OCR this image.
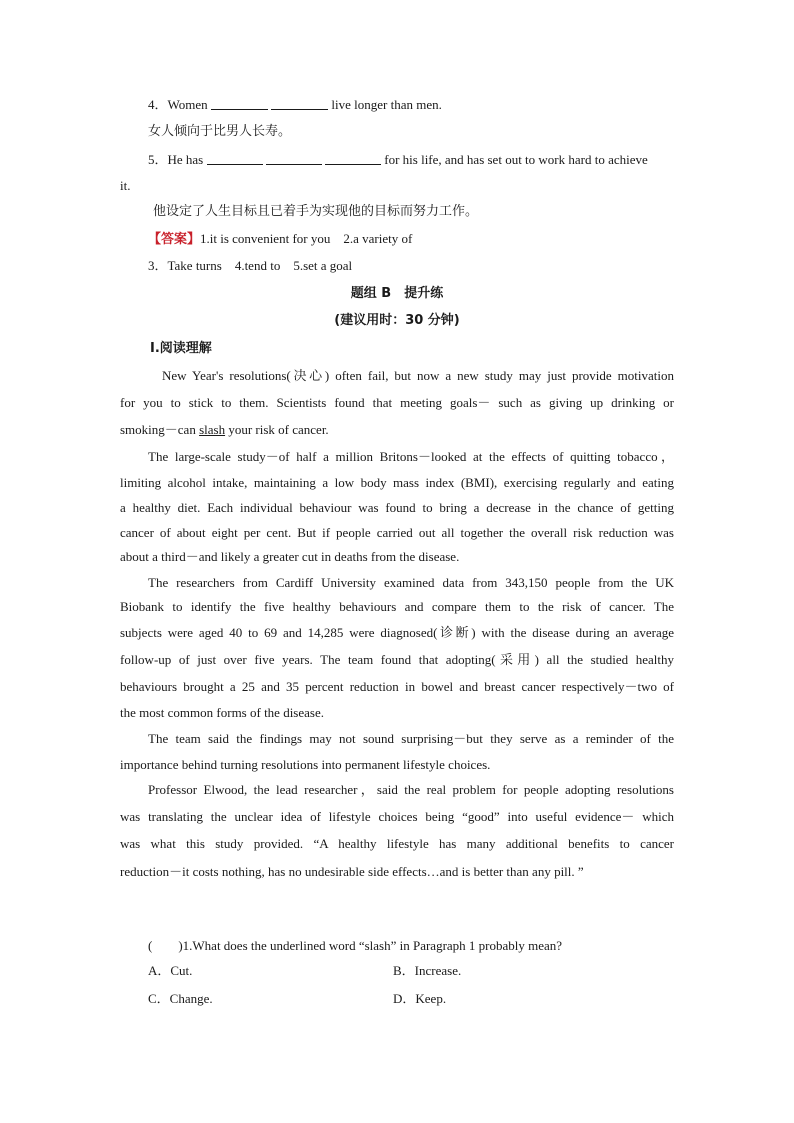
4．Women	live longer than men.
女人倾向于比男人长寿。
5．He has	for his life, and has set out to work hard to achieve
it.
他设定了人生目标且已着手为实现他的目标而努力工作。
【答案】1.it is convenient for you　2.a variety of
3．Take turns　4.tend to　5.set a goal
题组 B　提升练
(建议用时：30 分钟)
Ⅰ.阅读理解
New Year's resolutions(决心) often fail, but now a new study may just provide motivation
for you to stick to them. Scientists found that meeting goals－ such as giving up drinking or
smoking－can slash your risk of cancer.
The large-scale study－of half a million Britons－looked at the effects of quitting tobacco，
limiting alcohol intake, maintaining a low body mass index (BMI), exercising regularly and eating
a healthy diet. Each individual behaviour was found to bring a decrease in the chance of getting
cancer of about eight per cent. But if people carried out all together the overall risk reduction was
about a third－and likely a greater cut in deaths from the disease.
The researchers from Cardiff University examined data from 343,150 people from the UK
Biobank to identify the five healthy behaviours and compare them to the risk of cancer. The
subjects were aged 40 to 69 and 14,285 were diagnosed(诊断) with the disease during an average
follow-up of just over five years. The team found that adopting(采用) all the studied healthy
behaviours brought a 25 and 35 percent reduction in bowel and breast cancer respectively－two of
the most common forms of the disease.
The team said the findings may not sound surprising－but they serve as a reminder of the
importance behind turning resolutions into permanent lifestyle choices.
Professor Elwood, the lead researcher，said the real problem for people adopting resolutions
was translating the unclear idea of lifestyle choices being “good” into useful evidence－ which
was what this study provided. “A healthy lifestyle has many additional benefits to cancer
reduction－it costs nothing, has no undesirable side effects…and is better than any pill. ”
(　　)1.What does the underlined word “slash” in Paragraph 1 probably mean?
A．Cut.	B．Increase.
C．Change.	D．Keep.
